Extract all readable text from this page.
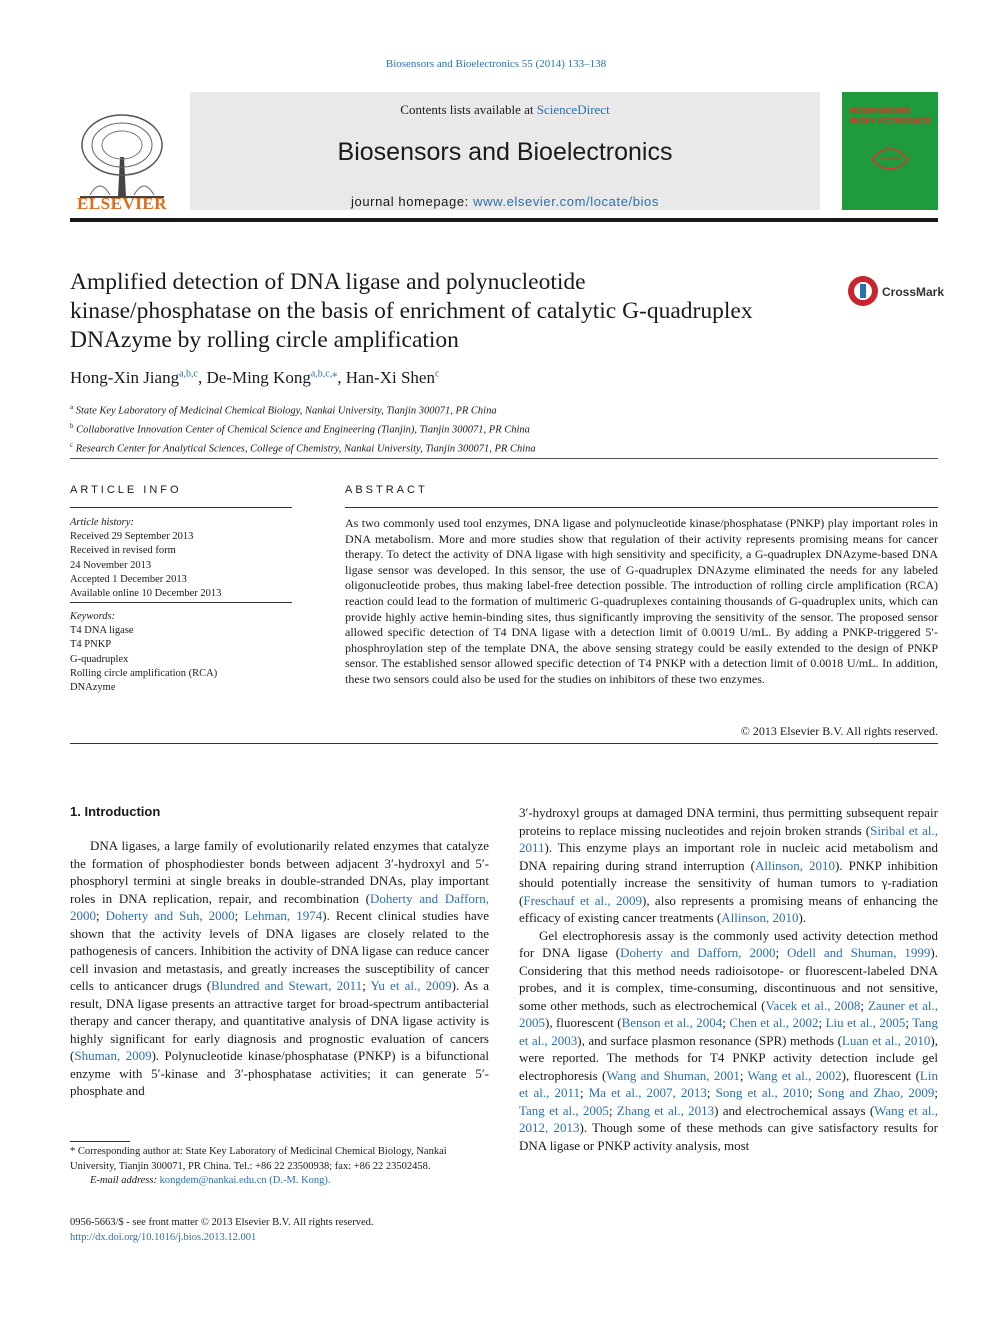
Biosensors and Bioelectronics 55 (2014) 133–138
ELSEVIER
Contents lists available at ScienceDirect
Biosensors and Bioelectronics
journal homepage: www.elsevier.com/locate/bios
BIOSENSORS BIOELECTRONICS
Amplified detection of DNA ligase and polynucleotide kinase/phosphatase on the basis of enrichment of catalytic G-quadruplex DNAzyme by rolling circle amplification
CrossMark
Hong-Xin Jiang$^{a,b,c}$, De-Ming Kong$^{a,b,c,⁎}$, Han-Xi Shen$^c$
$^a$ State Key Laboratory of Medicinal Chemical Biology, Nankai University, Tianjin 300071, PR China
$^b$ Collaborative Innovation Center of Chemical Science and Engineering (Tianjin), Tianjin 300071, PR China
$^c$ Research Center for Analytical Sciences, College of Chemistry, Nankai University, Tianjin 300071, PR China
ARTICLE INFO	ABSTRACT
Article history:
Received 29 September 2013
Received in revised form
24 November 2013
Accepted 1 December 2013
Available online 10 December 2013
Keywords:
T4 DNA ligase
T4 PNKP
G-quadruplex
Rolling circle amplification (RCA)
DNAzyme
As two commonly used tool enzymes, DNA ligase and polynucleotide kinase/phosphatase (PNKP) play important roles in DNA metabolism. More and more studies show that regulation of their activity represents promising means for cancer therapy. To detect the activity of DNA ligase with high sensitivity and specificity, a G-quadruplex DNAzyme-based DNA ligase sensor was developed. In this sensor, the use of G-quadruplex DNAzyme eliminated the needs for any labeled oligonucleotide probes, thus making label-free detection possible. The introduction of rolling circle amplification (RCA) reaction could lead to the formation of multimeric G-quadruplexes containing thousands of G-quadruplex units, which can provide highly active hemin-binding sites, thus significantly improving the sensitivity of the sensor. The proposed sensor allowed specific detection of T4 DNA ligase with a detection limit of 0.0019 U/mL. By adding a PNKP-triggered 5′-phosphroylation step of the template DNA, the above sensing strategy could be easily extended to the design of PNKP sensor. The established sensor allowed specific detection of T4 PNKP with a detection limit of 0.0018 U/mL. In addition, these two sensors could also be used for the studies on inhibitors of these two enzymes.
© 2013 Elsevier B.V. All rights reserved.
1. Introduction

DNA ligases, a large family of evolutionarily related enzymes that catalyze the formation of phosphodiester bonds between adjacent 3′-hydroxyl and 5′-phosphoryl termini at single breaks in double-stranded DNAs, play important roles in DNA replication, repair, and recombination (Doherty and Dafforn, 2000; Doherty and Suh, 2000; Lehman, 1974). Recent clinical studies have shown that the activity levels of DNA ligases are closely related to the pathogenesis of cancers. Inhibition the activity of DNA ligase can reduce cancer cell invasion and metastasis, and greatly increases the susceptibility of cancer cells to anticancer drugs (Blundred and Stewart, 2011; Yu et al., 2009). As a result, DNA ligase presents an attractive target for broad-spectrum antibacterial therapy and cancer therapy, and quantitative analysis of DNA ligase activity is highly significant for early diagnosis and prognostic evaluation of cancers (Shuman, 2009). Polynucleotide kinase/phosphatase (PNKP) is a bifunctional enzyme with 5′-kinase and 3′-phosphatase activities; it can generate 5′-phosphate and

3′-hydroxyl groups at damaged DNA termini, thus permitting subsequent repair proteins to replace missing nucleotides and rejoin broken strands (Siribal et al., 2011). This enzyme plays an important role in nucleic acid metabolism and DNA repairing during strand interruption (Allinson, 2010). PNKP inhibition should potentially increase the sensitivity of human tumors to γ-radiation (Freschauf et al., 2009), also represents a promising means of enhancing the efficacy of existing cancer treatments (Allinson, 2010).

Gel electrophoresis assay is the commonly used activity detection method for DNA ligase (Doherty and Dafforn, 2000; Odell and Shuman, 1999). Considering that this method needs radioisotope- or fluorescent-labeled DNA probes, and it is complex, time-consuming, discontinuous and not sensitive, some other methods, such as electrochemical (Vacek et al., 2008; Zauner et al., 2005), fluorescent (Benson et al., 2004; Chen et al., 2002; Liu et al., 2005; Tang et al., 2003), and surface plasmon resonance (SPR) methods (Luan et al., 2010), were reported. The methods for T4 PNKP activity detection include gel electrophoresis (Wang and Shuman, 2001; Wang et al., 2002), fluorescent (Lin et al., 2011; Ma et al., 2007, 2013; Song et al., 2010; Song and Zhao, 2009; Tang et al., 2005; Zhang et al., 2013) and electrochemical assays (Wang et al., 2012, 2013). Though some of these methods can give satisfactory results for DNA ligase or PNKP activity analysis, most

* Corresponding author at: State Key Laboratory of Medicinal Chemical Biology, Nankai University, Tianjin 300071, PR China. Tel.: +86 22 23500938; fax: +86 22 23502458.
E-mail address: kongdem@nankai.edu.cn (D.-M. Kong).
0956-5663/$ - see front matter © 2013 Elsevier B.V. All rights reserved.
http://dx.doi.org/10.1016/j.bios.2013.12.001
